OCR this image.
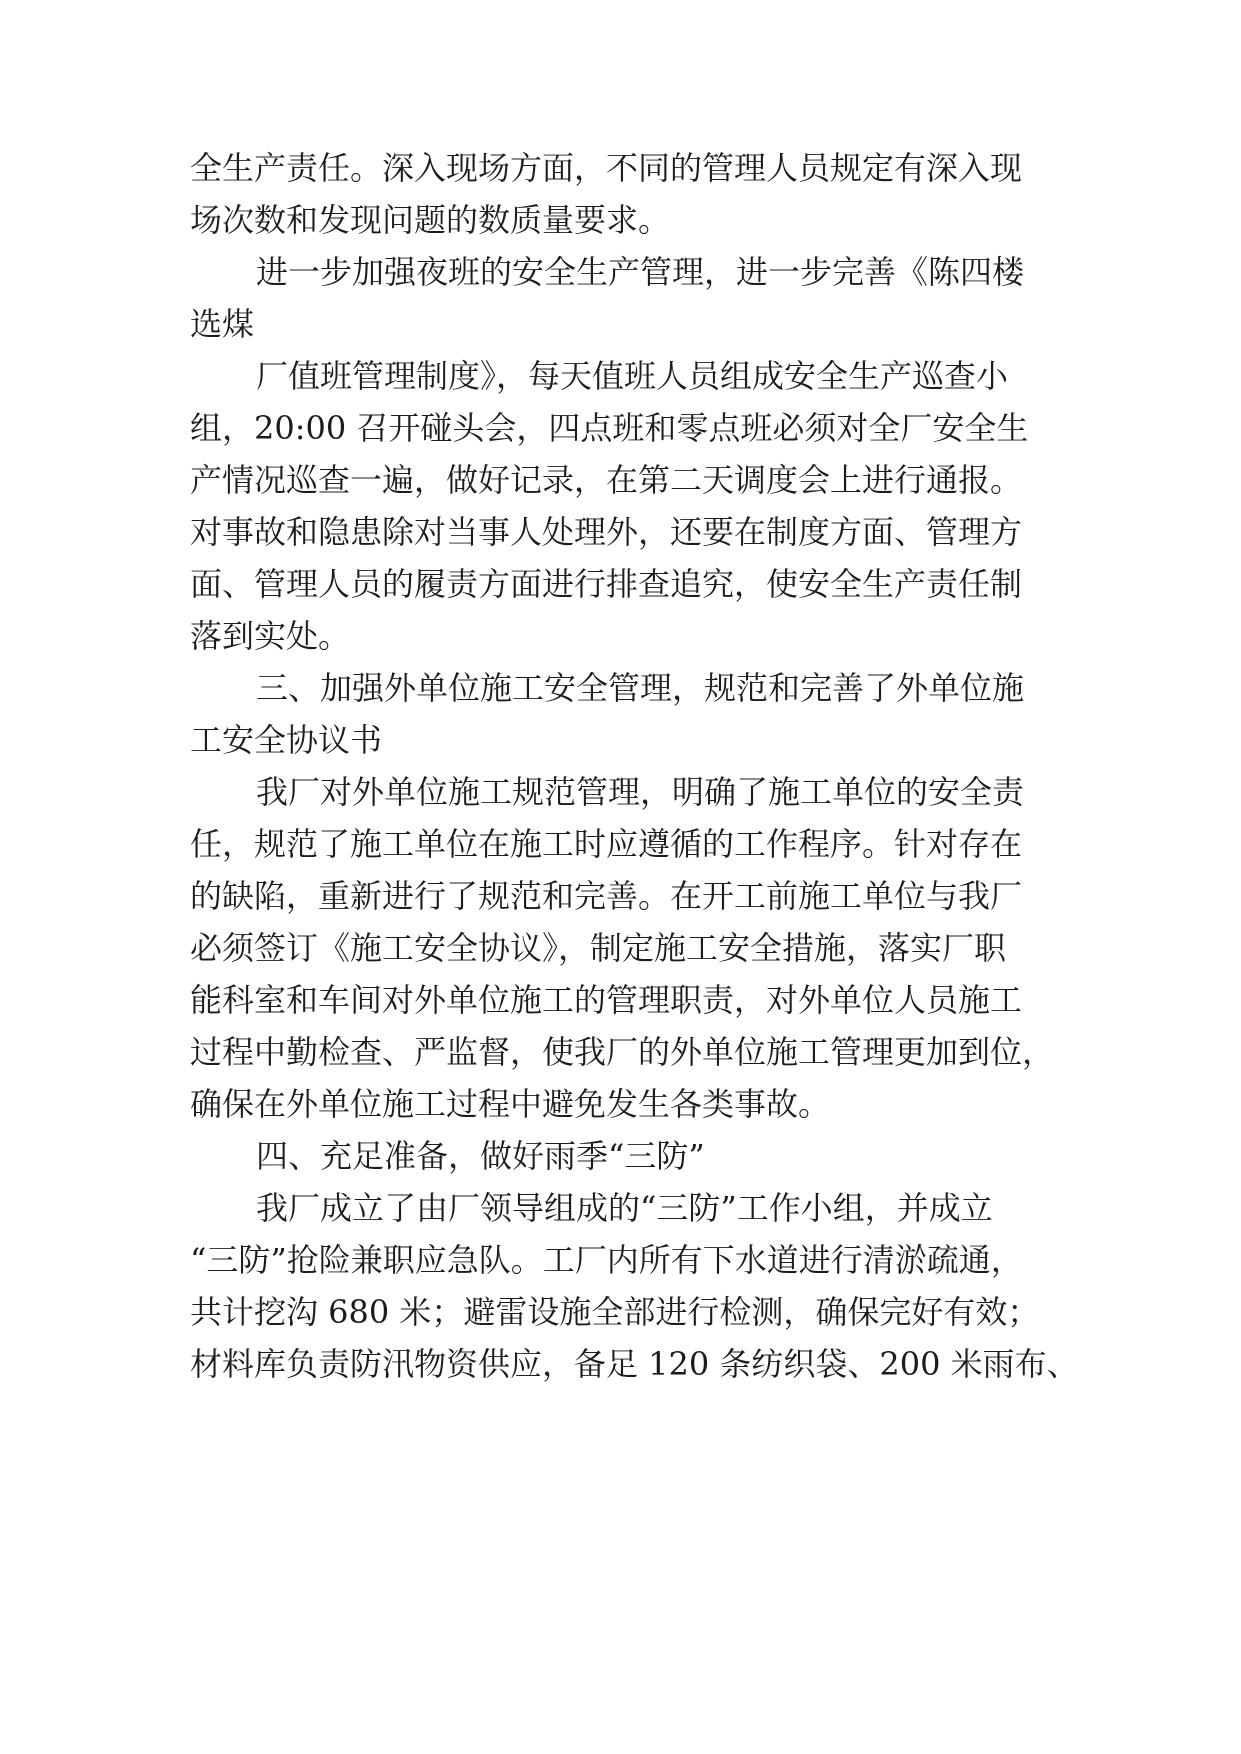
全生产责任。深入现场方面，不同的管理人员规定有深入现

场次数和发现问题的数质量要求。

进一步加强夜班的安全生产管理，进一步完善《陈四楼

选煤

厂值班管理制度》，每天值班人员组成安全生产巡查小

组，20:00 召开碰头会，四点班和零点班必须对全厂安全生

产情况巡查一遍，做好记录，在第二天调度会上进行通报。

对事故和隐患除对当事人处理外，还要在制度方面、管理方

面、管理人员的履责方面进行排查追究，使安全生产责任制

落到实处。

三、加强外单位施工安全管理，规范和完善了外单位施

工安全协议书

我厂对外单位施工规范管理，明确了施工单位的安全责

任，规范了施工单位在施工时应遵循的工作程序。针对存在

的缺陷，重新进行了规范和完善。在开工前施工单位与我厂

必须签订《施工安全协议》，制定施工安全措施，落实厂职

能科室和车间对外单位施工的管理职责，对外单位人员施工

过程中勤检查、严监督，使我厂的外单位施工管理更加到位，

确保在外单位施工过程中避免发生各类事故。

四、充足准备，做好雨季“三防”

我厂成立了由厂领导组成的“三防”工作小组，并成立

“三防”抢险兼职应急队。工厂内所有下水道进行清淤疏通，

共计挖沟 680 米；避雷设施全部进行检测，确保完好有效；

材料库负责防汛物资供应，备足 120 条纺织袋、200 米雨布、
